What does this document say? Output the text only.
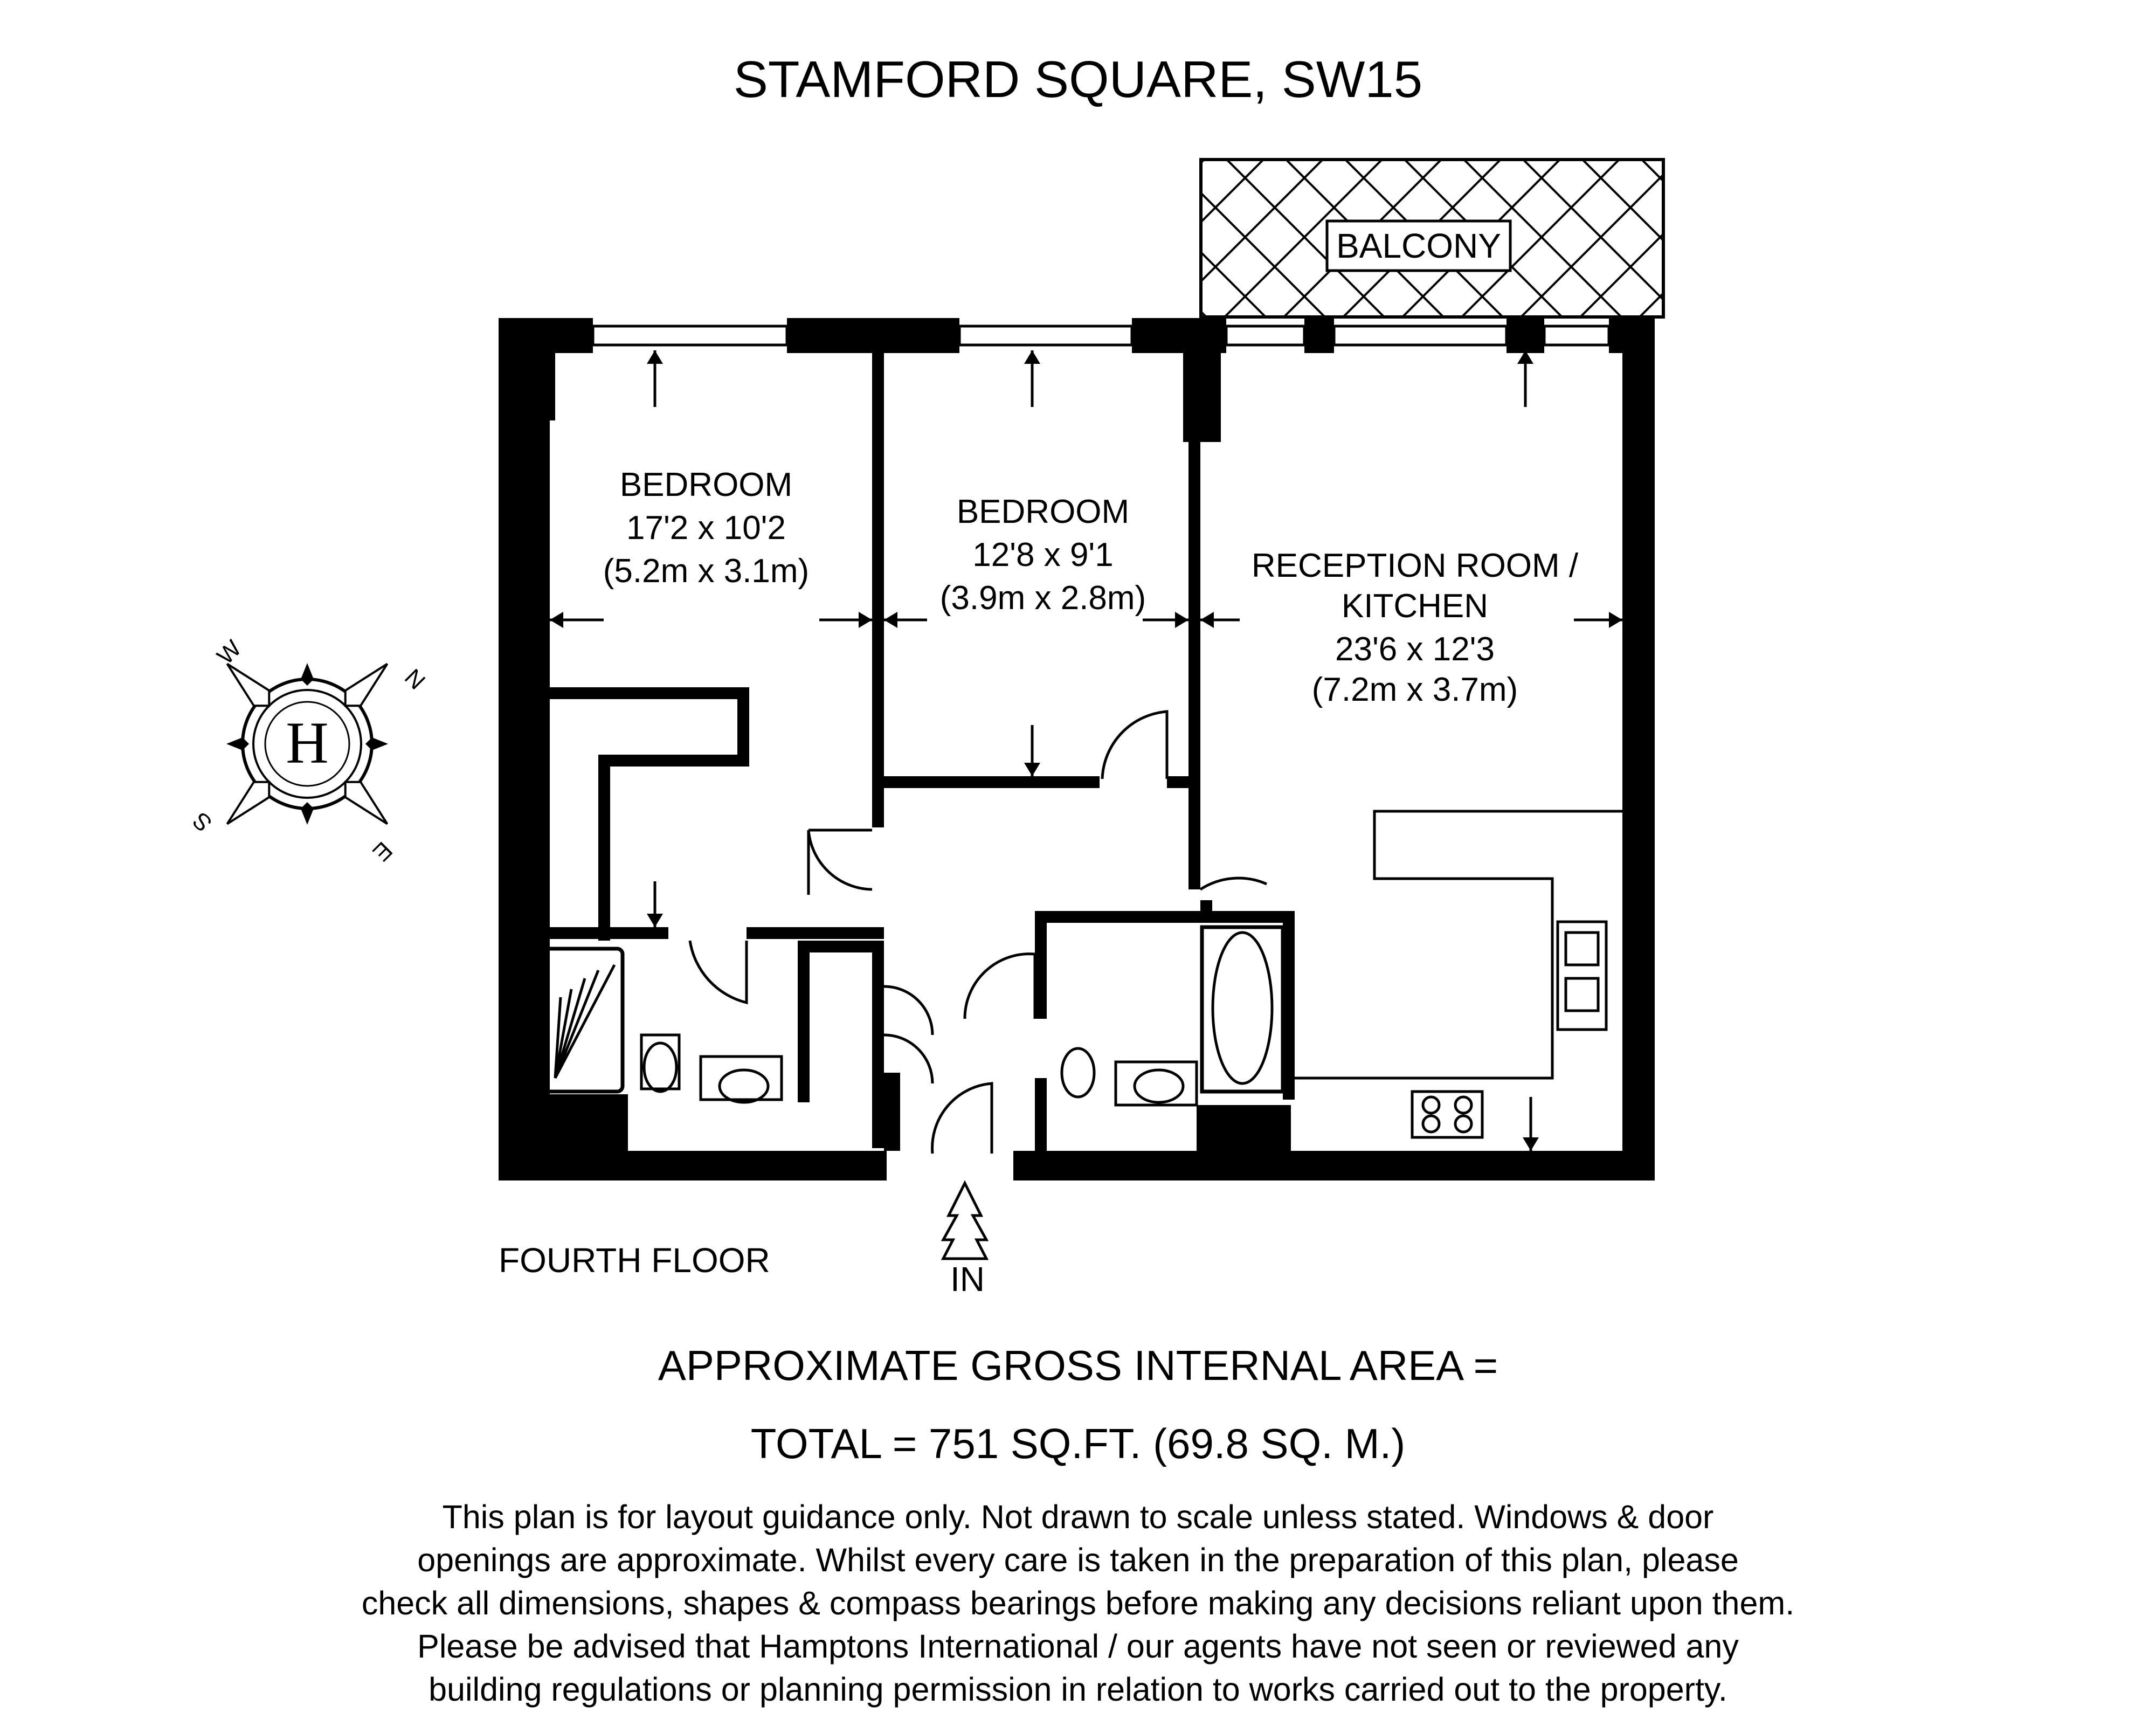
STAMFORD SQUARE, SW15
BALCONY
BEDROOM
17'2 x 10'2
(5.2m x 3.1m)
BEDROOM
12'8 x 9'1
(3.9m x 2.8m)
RECEPTION ROOM /
KITCHEN
23'6 x 12'3
(7.2m x 3.7m)
IN
FOURTH FLOOR
H
W
N
S
E
APPROXIMATE GROSS INTERNAL AREA =
TOTAL = 751 SQ.FT. (69.8 SQ. M.)
This plan is for layout guidance only. Not drawn to scale unless stated. Windows & door
openings are approximate. Whilst every care is taken in the preparation of this plan, please
check all dimensions, shapes & compass bearings before making any decisions reliant upon them.
Please be advised that Hamptons International / our agents have not seen or reviewed any
building regulations or planning permission in relation to works carried out to the property.
